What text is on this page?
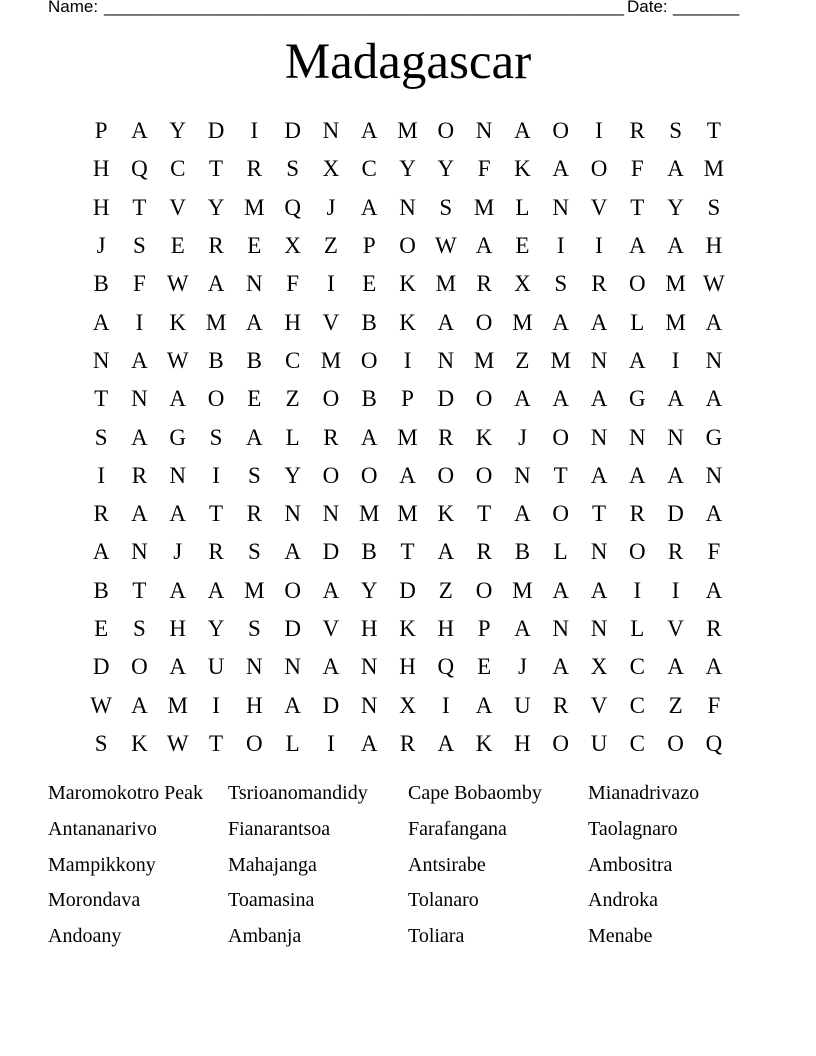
Name: _______________________________________________________ Date: _______
Madagascar
P	A Y D	I	D N A M O N A O	I	R	S	T
H Q C	T	R	S	X C Y Y	F	K A O	F	A M
H T V Y M Q	J	A N	S M L N V T Y	S
J	S	E	R	E X Z	P	O W A E	I	I	A A H
B	F W A N	F	I	E K M R X	S	R O M W
A	I	K M A H V B K A O M A A L M A
N A W B B C M O	I	N M Z M N A	I	N
T N A O E	Z O B	P	D O A A A G A A
S	A G	S	A L	R A M R K	J	O N N N G
I	R N	I	S	Y O O A O O N T A A A N
R A A T	R N N M M K T A O T	R D A
A N	J	R	S	A D B	T A R B	L N O R	F
B	T A A M O A Y D Z O M A A	I	I	A
E	S	H Y	S	D V H K H	P	A N N L V R
D O A U N N A N H Q E	J	A X C A A
W A M	I	H A D N X	I	A U R V C	Z	F
S	K W T O L	I	A R A K H O U C O Q
Maromokotro Peak	Tsrioanomandidy	Cape Bobaomby	Mianadrivazo
Antananarivo	Fianarantsoa	Farafangana	Taolagnaro
Mampikkony	Mahajanga	Antsirabe	Ambositra
Morondava	Toamasina	Tolanaro	Androka
Andoany	Ambanja	Toliara	Menabe
